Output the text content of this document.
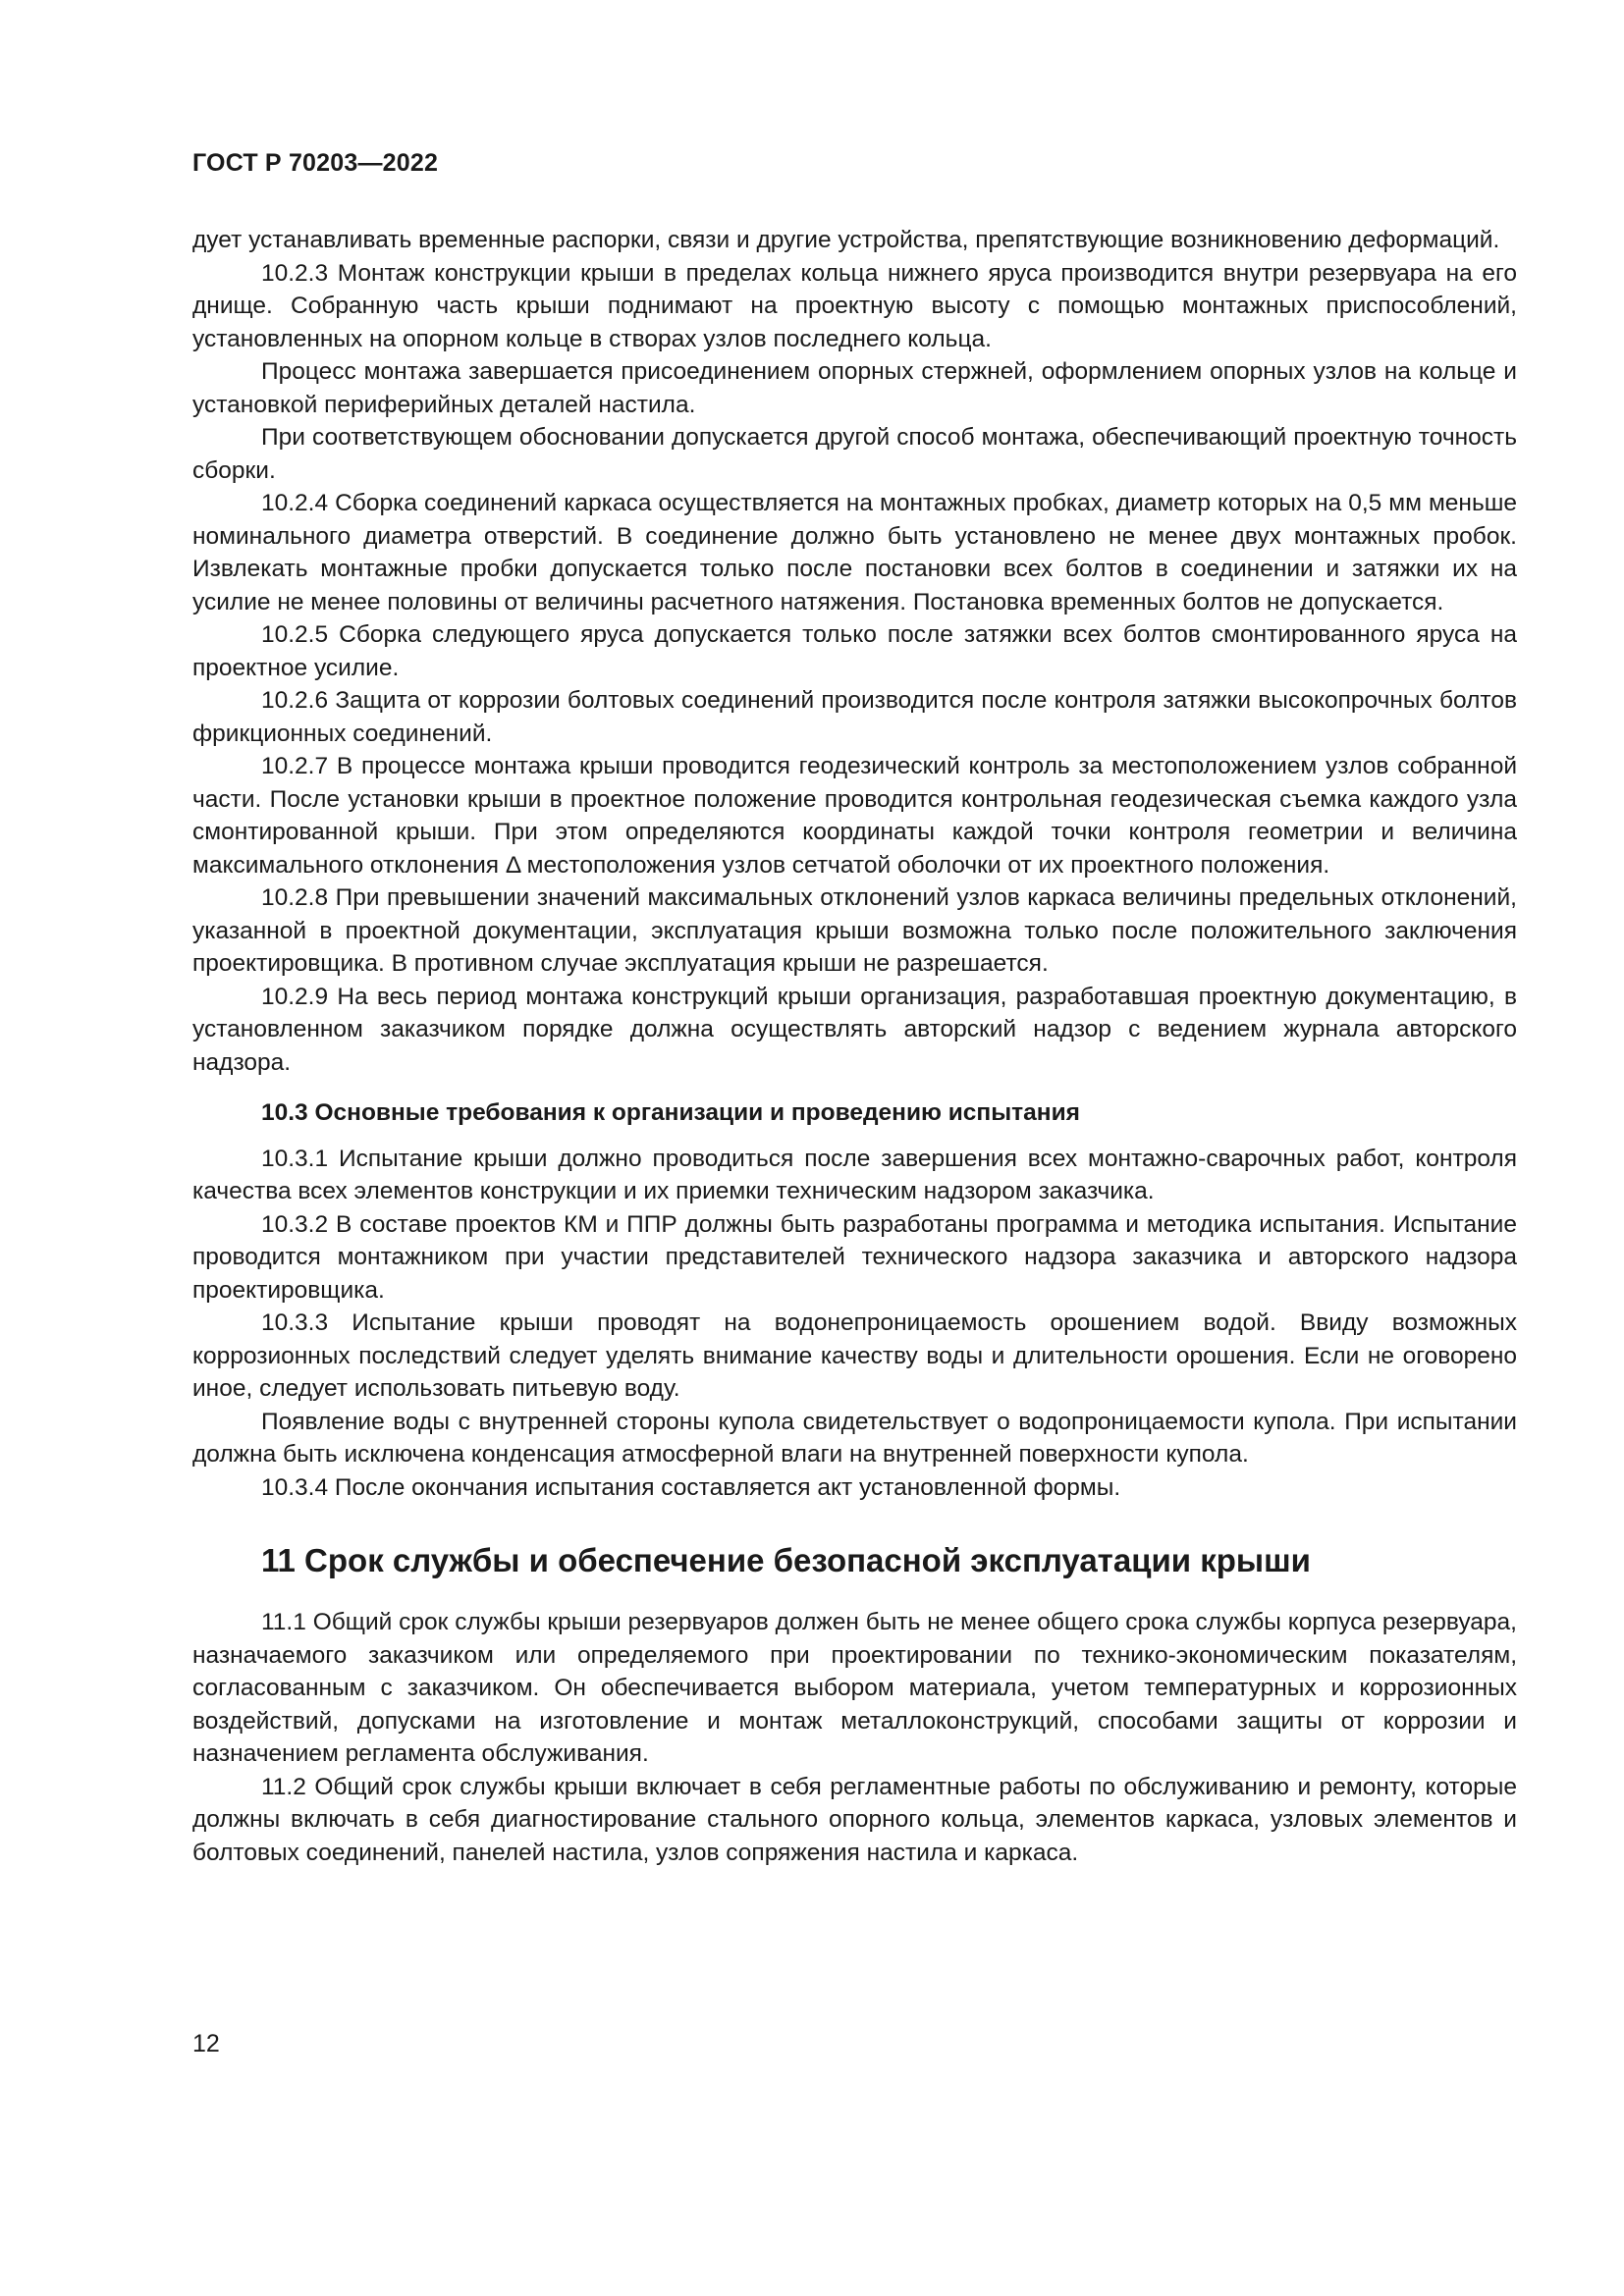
ГОСТ Р 70203—2022

дует устанавливать временные распорки, связи и другие устройства, препятствующие возникновению деформаций.

10.2.3 Монтаж конструкции крыши в пределах кольца нижнего яруса производится внутри резервуара на его днище. Собранную часть крыши поднимают на проектную высоту с помощью монтажных приспособлений, установленных на опорном кольце в створах узлов последнего кольца.

Процесс монтажа завершается присоединением опорных стержней, оформлением опорных узлов на кольце и установкой периферийных деталей настила.

При соответствующем обосновании допускается другой способ монтажа, обеспечивающий проектную точность сборки.

10.2.4 Сборка соединений каркаса осуществляется на монтажных пробках, диаметр которых на 0,5 мм меньше номинального диаметра отверстий. В соединение должно быть установлено не менее двух монтажных пробок. Извлекать монтажные пробки допускается только после постановки всех болтов в соединении и затяжки их на усилие не менее половины от величины расчетного натяжения. Постановка временных болтов не допускается.

10.2.5 Сборка следующего яруса допускается только после затяжки всех болтов смонтированного яруса на проектное усилие.

10.2.6 Защита от коррозии болтовых соединений производится после контроля затяжки высокопрочных болтов фрикционных соединений.

10.2.7 В процессе монтажа крыши проводится геодезический контроль за местоположением узлов собранной части. После установки крыши в проектное положение проводится контрольная геодезическая съемка каждого узла смонтированной крыши. При этом определяются координаты каждой точки контроля геометрии и величина максимального отклонения Δ местоположения узлов сетчатой оболочки от их проектного положения.

10.2.8 При превышении значений максимальных отклонений узлов каркаса величины предельных отклонений, указанной в проектной документации, эксплуатация крыши возможна только после положительного заключения проектировщика. В противном случае эксплуатация крыши не разрешается.

10.2.9 На весь период монтажа конструкций крыши организация, разработавшая проектную документацию, в установленном заказчиком порядке должна осуществлять авторский надзор с ведением журнала авторского надзора.

10.3 Основные требования к организации и проведению испытания

10.3.1 Испытание крыши должно проводиться после завершения всех монтажно-сварочных работ, контроля качества всех элементов конструкции и их приемки техническим надзором заказчика.

10.3.2 В составе проектов КМ и ППР должны быть разработаны программа и методика испытания. Испытание проводится монтажником при участии представителей технического надзора заказчика и авторского надзора проектировщика.

10.3.3 Испытание крыши проводят на водонепроницаемость орошением водой. Ввиду возможных коррозионных последствий следует уделять внимание качеству воды и длительности орошения. Если не оговорено иное, следует использовать питьевую воду.

Появление воды с внутренней стороны купола свидетельствует о водопроницаемости купола. При испытании должна быть исключена конденсация атмосферной влаги на внутренней поверхности купола.

10.3.4 После окончания испытания составляется акт установленной формы.

11 Срок службы и обеспечение безопасной эксплуатации крыши

11.1 Общий срок службы крыши резервуаров должен быть не менее общего срока службы корпуса резервуара, назначаемого заказчиком или определяемого при проектировании по технико-экономическим показателям, согласованным с заказчиком. Он обеспечивается выбором материала, учетом температурных и коррозионных воздействий, допусками на изготовление и монтаж металлоконструкций, способами защиты от коррозии и назначением регламента обслуживания.

11.2 Общий срок службы крыши включает в себя регламентные работы по обслуживанию и ремонту, которые должны включать в себя диагностирование стального опорного кольца, элементов каркаса, узловых элементов и болтовых соединений, панелей настила, узлов сопряжения настила и каркаса.

12
